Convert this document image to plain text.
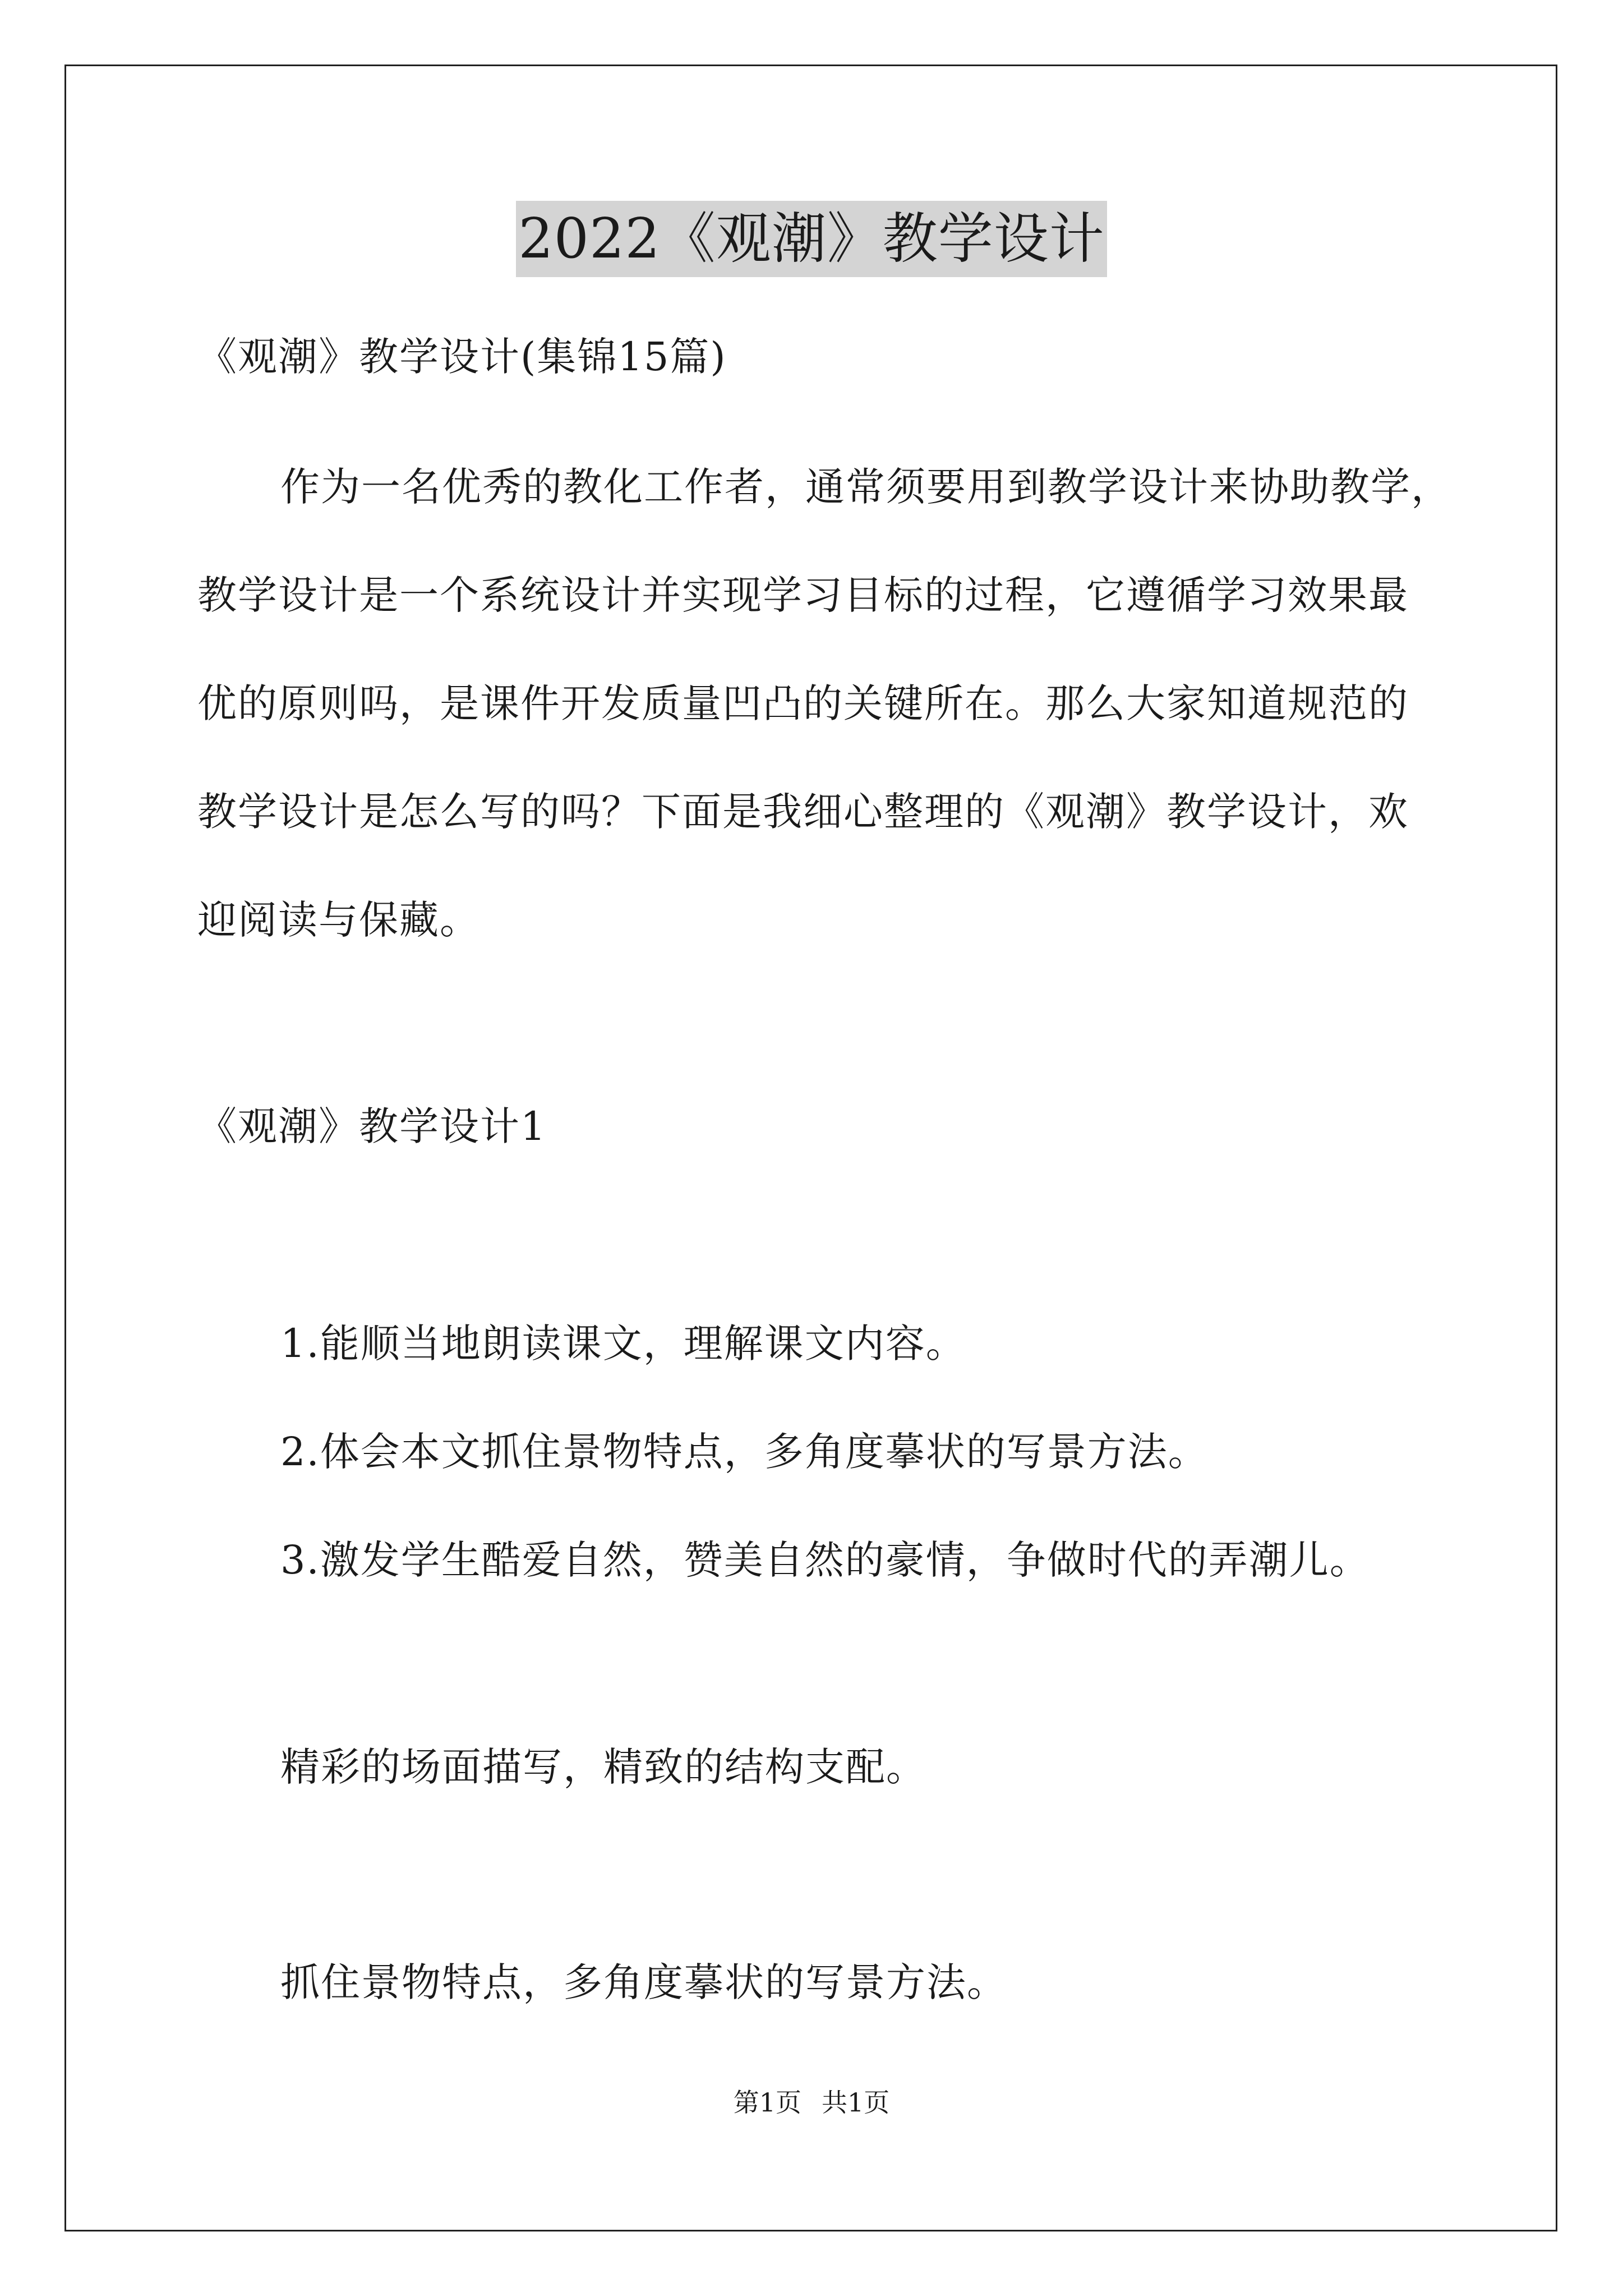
2022《观潮》教学设计
《观潮》教学设计(集锦15篇)
作为一名优秀的教化工作者，通常须要用到教学设计来协助教学，
教学设计是一个系统设计并实现学习目标的过程，它遵循学习效果最
优的原则吗，是课件开发质量凹凸的关键所在。那么大家知道规范的
教学设计是怎么写的吗？下面是我细心整理的《观潮》教学设计，欢
迎阅读与保藏。
《观潮》教学设计1
1.能顺当地朗读课文，理解课文内容。
2.体会本文抓住景物特点，多角度摹状的写景方法。
3.激发学生酷爱自然，赞美自然的豪情，争做时代的弄潮儿。
精彩的场面描写，精致的结构支配。
抓住景物特点，多角度摹状的写景方法。
第1页 共1页
